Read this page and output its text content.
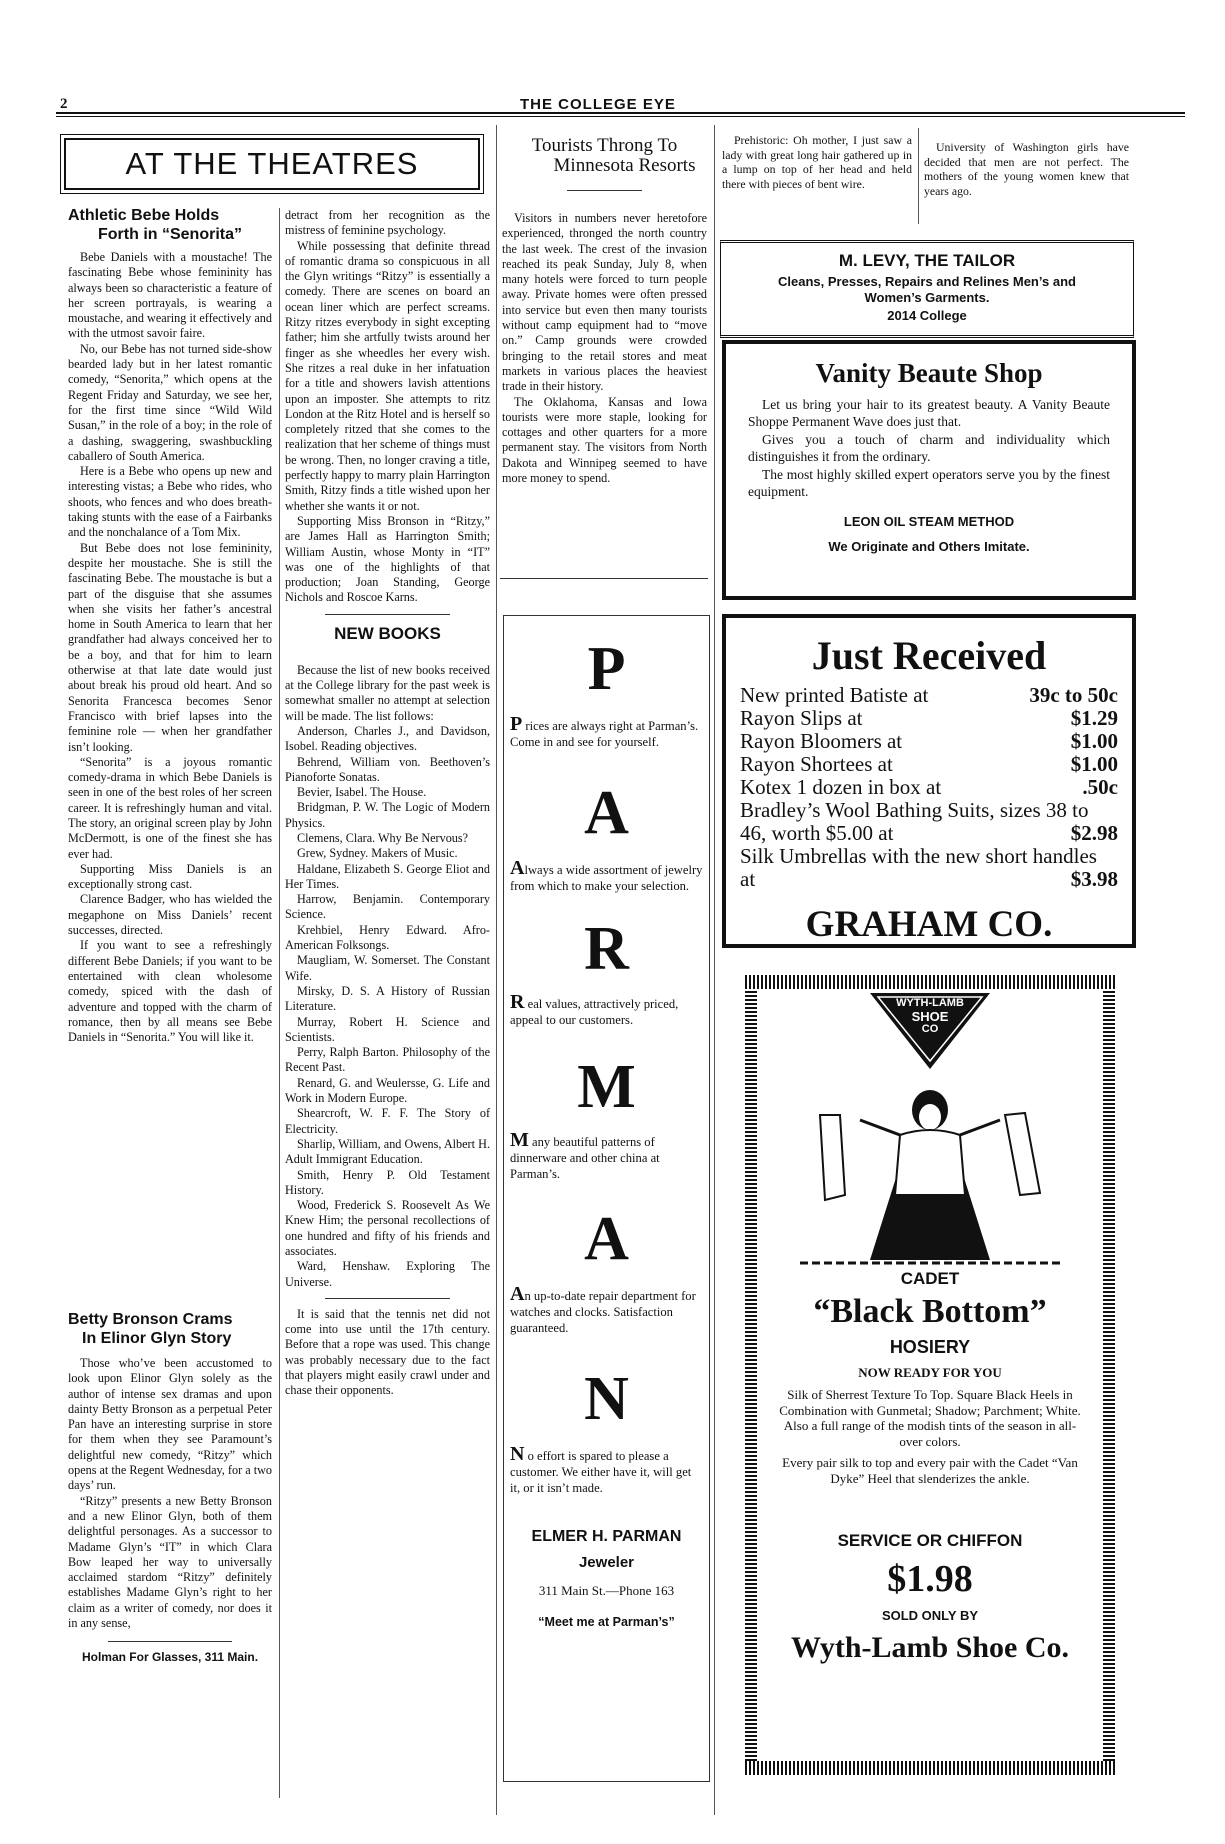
2	THE COLLEGE EYE
AT THE THEATRES
Athletic Bebe Holds
Forth in “Senorita”

Bebe Daniels with a moustache! The fascinating Bebe whose femininity has always been so characteristic a feature of her screen portrayals, is wearing a moustache, and wearing it effectively and with the utmost savoir faire.

No, our Bebe has not turned side-show bearded lady but in her latest romantic comedy, “Senorita,” which opens at the Regent Friday and Saturday, we see her, for the first time since “Wild Wild Susan,” in the role of a boy; in the role of a dashing, swaggering, swashbuckling caballero of South America.

Here is a Bebe who opens up new and interesting vistas; a Bebe who rides, who shoots, who fences and who does breath-taking stunts with the ease of a Fairbanks and the nonchalance of a Tom Mix.

But Bebe does not lose femininity, despite her moustache. She is still the fascinating Bebe. The moustache is but a part of the disguise that she assumes when she visits her father’s ancestral home in South America to learn that her grandfather had always conceived her to be a boy, and that for him to learn otherwise at that late date would just about break his proud old heart. And so Senorita Francesca becomes Senor Francisco with brief lapses into the feminine role — when her grandfather isn’t looking.

“Senorita” is a joyous romantic comedy-drama in which Bebe Daniels is seen in one of the best roles of her screen career. It is refreshingly human and vital. The story, an original screen play by John McDermott, is one of the finest she has ever had.

Supporting Miss Daniels is an exceptionally strong cast.

Clarence Badger, who has wielded the megaphone on Miss Daniels’ recent successes, directed.

If you want to see a refreshingly different Bebe Daniels; if you want to be entertained with clean wholesome comedy, spiced with the dash of adventure and topped with the charm of romance, then by all means see Bebe Daniels in “Senorita.” You will like it.

Betty Bronson Crams
In Elinor Glyn Story

Those who’ve been accustomed to look upon Elinor Glyn solely as the author of intense sex dramas and upon dainty Betty Bronson as a perpetual Peter Pan have an interesting surprise in store for them when they see Paramount’s delightful new comedy, “Ritzy” which opens at the Regent Wednesday, for a two days’ run.

“Ritzy” presents a new Betty Bronson and a new Elinor Glyn, both of them delightful personages. As a successor to Madame Glyn’s “IT” in which Clara Bow leaped her way to universally acclaimed stardom “Ritzy” definitely establishes Madame Glyn’s right to her claim as a writer of comedy, nor does it in any sense,

Holman For Glasses, 311 Main.

detract from her recognition as the mistress of feminine psychology.

While possessing that definite thread of romantic drama so conspicuous in all the Glyn writings “Ritzy” is essentially a comedy. There are scenes on board an ocean liner which are perfect screams. Ritzy ritzes everybody in sight excepting father; him she artfully twists around her finger as she wheedles her every wish. She ritzes a real duke in her infatuation for a title and showers lavish attentions upon an imposter. She attempts to ritz London at the Ritz Hotel and is herself so completely ritzed that she comes to the realization that her scheme of things must be wrong. Then, no longer craving a title, perfectly happy to marry plain Harrington Smith, Ritzy finds a title wished upon her whether she wants it or not.

Supporting Miss Bronson in “Ritzy,” are James Hall as Harrington Smith; William Austin, whose Monty in “IT” was one of the highlights of that production; Joan Standing, George Nichols and Roscoe Karns.

NEW BOOKS

Because the list of new books received at the College library for the past week is somewhat smaller no attempt at selection will be made. The list follows:

Anderson, Charles J., and Davidson, Isobel. Reading objectives.

Behrend, William von. Beethoven’s Pianoforte Sonatas.

Bevier, Isabel. The House.

Bridgman, P. W. The Logic of Modern Physics.

Clemens, Clara. Why Be Nervous?

Grew, Sydney. Makers of Music.

Haldane, Elizabeth S. George Eliot and Her Times.

Harrow, Benjamin. Contemporary Science.

Krehbiel, Henry Edward. Afro-American Folksongs.

Maugliam, W. Somerset. The Constant Wife.

Mirsky, D. S. A History of Russian Literature.

Murray, Robert H. Science and Scientists.

Perry, Ralph Barton. Philosophy of the Recent Past.

Renard, G. and Weulersse, G. Life and Work in Modern Europe.

Shearcroft, W. F. F. The Story of Electricity.

Sharlip, William, and Owens, Albert H. Adult Immigrant Education.

Smith, Henry P. Old Testament History.

Wood, Frederick S. Roosevelt As We Knew Him; the personal recollections of one hundred and fifty of his friends and associates.

Ward, Henshaw. Exploring The Universe.

It is said that the tennis net did not come into use until the 17th century. Before that a rope was used. This change was probably necessary due to the fact that players might easily crawl under and chase their opponents.

Tourists Throng To
Minnesota Resorts

Visitors in numbers never heretofore experienced, thronged the north country the last week. The crest of the invasion reached its peak Sunday, July 8, when many hotels were forced to turn people away. Private homes were often pressed into service but even then many tourists without camp equipment had to “move on.” Camp grounds were crowded bringing to the retail stores and meat markets in various places the heaviest trade in their history.

The Oklahoma, Kansas and Iowa tourists were more staple, looking for cottages and other quarters for a more permanent stay. The visitors from North Dakota and Winnipeg seemed to have more money to spend.

P
P rices are always right at Parman’s. Come in and see for yourself.
A
Always a wide assortment of jewelry from which to make your selection.
R
R eal values, attractively priced, appeal to our customers.
M
M any beautiful patterns of dinnerware and other china at Parman’s.
A
An up-to-date repair department for watches and clocks. Satisfaction guaranteed.
N
N o effort is spared to please a customer. We either have it, will get it, or it isn’t made.
ELMER H. PARMAN
Jeweler
311 Main St.—Phone 163
“Meet me at Parman’s”

Prehistoric: Oh mother, I just saw a lady with great long hair gathered up in a lump on top of her head and held there with pieces of bent wire.

University of Washington girls have decided that men are not perfect. The mothers of the young women knew that years ago.

M. LEVY, THE TAILOR
Cleans, Presses, Repairs and Relines Men’s and Women’s Garments.
2014 College
Vanity Beaute Shop

Let us bring your hair to its greatest beauty. A Vanity Beaute Shoppe Permanent Wave does just that.

Gives you a touch of charm and individuality which distinguishes it from the ordinary.

The most highly skilled expert operators serve you by the finest equipment.

LEON OIL STEAM METHOD
We Originate and Others Imitate.
Just Received
New printed Batiste at	39c to 50c
Rayon Slips at	$1.29
Rayon Bloomers at	$1.00
Rayon Shortees at	$1.00
Kotex 1 dozen in box at	.50c
Bradley’s Wool Bathing Suits, sizes 38 to
46, worth $5.00 at	$2.98
Silk Umbrellas with the new short handles
at	$3.98
GRAHAM CO.
WYTH-LAMB
SHOE
CO
CADET
“Black Bottom”
HOSIERY
NOW READY FOR YOU
Silk of Sherrest Texture To Top. Square Black Heels in Combination with Gunmetal; Shadow; Parchment; White. Also a full range of the modish tints of the season in all-over colors.
Every pair silk to top and every pair with the Cadet “Van Dyke” Heel that slenderizes the ankle.
SERVICE OR CHIFFON
$1.98
SOLD ONLY BY
Wyth-Lamb Shoe Co.
